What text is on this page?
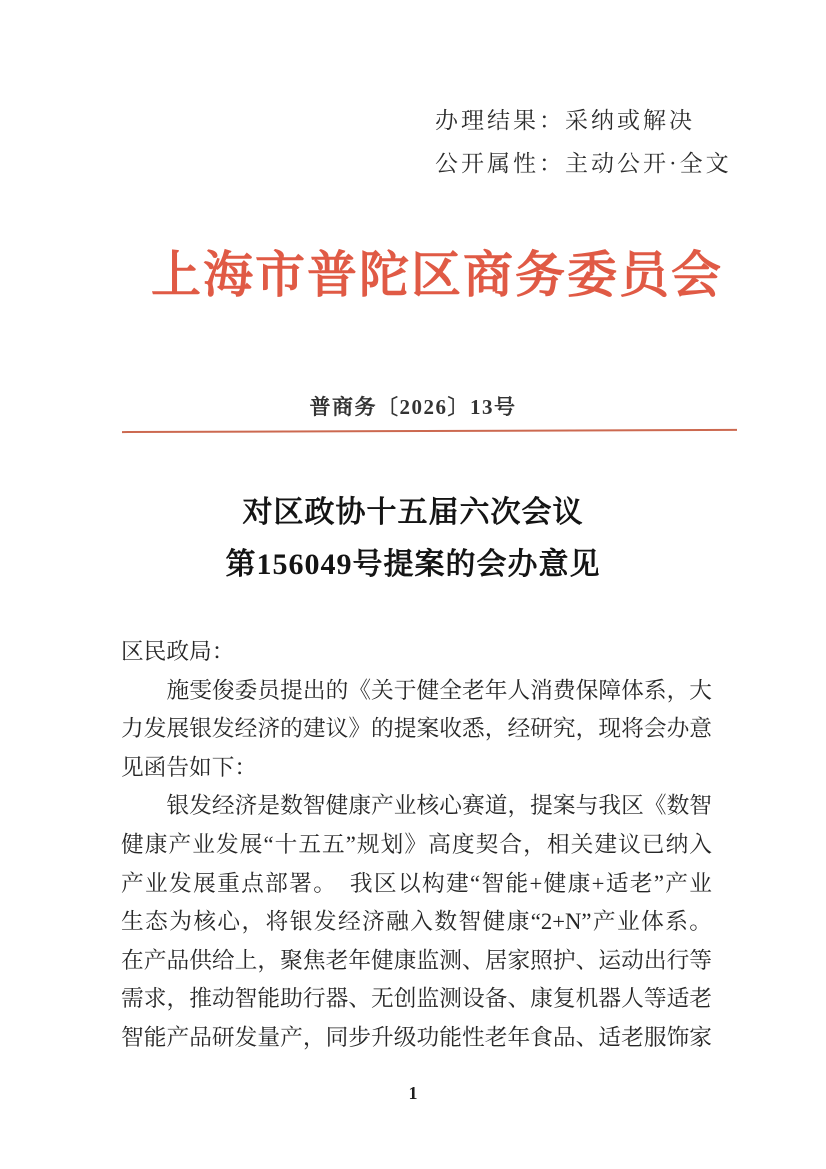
办理结果：采纳或解决
公开属性：主动公开·全文
上海市普陀区商务委员会
普商务〔2026〕13号
对区政协十五届六次会议
第156049号提案的会办意见
区民政局：
　　施雯俊委员提出的《关于健全老年人消费保障体系，大
力发展银发经济的建议》的提案收悉，经研究，现将会办意
见函告如下：
　　银发经济是数智健康产业核心赛道，提案与我区《数智
健康产业发展“十五五”规划》高度契合，相关建议已纳入
产业发展重点部署。　我区以构建“智能+健康+适老”产业
生态为核心，将银发经济融入数智健康“2+N”产业体系。
在产品供给上，聚焦老年健康监测、居家照护、运动出行等
需求，推动智能助行器、无创监测设备、康复机器人等适老
智能产品研发量产，同步升级功能性老年食品、适老服饰家
1
